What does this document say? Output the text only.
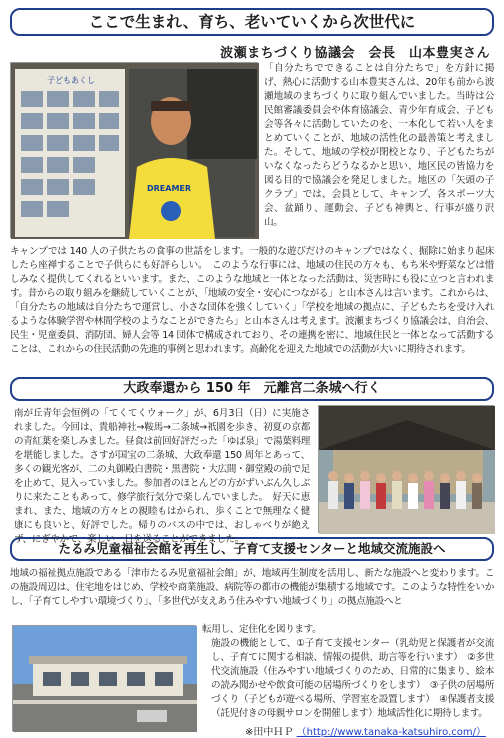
ここで生まれ、育ち、老いていくから次世代に
波瀬まちづくり協議会　会長　山本豊実さん
子どもあくし
DREAMER
「自分たちでできることは自分たちで」を方針に掲げ、熱心に活動する山本豊実さんは、20年も前から波瀬地域のまちづくりに取り組んでいました。当時は公民館審議委員会や体育協議会、青少年育成会、子ども会等各々に活動していたのを、一本化して若い人をまとめていくことが、地域の活性化の最善策と考えました。そして、地域の学校が閉校となり、子どもたちがいなくなったらどうなるかと思い、地区民の皆協力を図る目的で協議会を発足しました。地区の「矢頭の子クラブ」では、会員として、キャンプ、各スポーツ大会、盆踊り、運動会、子ども神輿と、行事が盛り沢山。
キャンプでは 140 人の子供たちの食事の世話をします。一般的な遊びだけのキャンプではなく、掘除に始まり起床したら座禅することで子供らにも好評らしい。　このような行事には、地域の住民の方々も、もち米や野菜などは惜しみなく提供してくれるといいます。また、このような地域と一体となった活動は、災害時にも役に立つと言われます。昔からの取り組みを継続していくことが、「地域の安全・安心につながる」と山本さんは言います。これからは、「自分たちの地域は自分たちで運営し、小さな団体を強くしていく」「学校を地域の拠点に、子どもたちを受け入れるような体験学習や林間学校のようなことができたら」と山本さんは考えます。波瀬まちづくり協議会は、自治会、民生・児童委員、消防団、婦人会等 14 団体で構成されており、その連携を密に、地域住民と一体となって活動することは、これからの住民活動の先進的事例と思われます。高齢化を迎えた地域での活動が大いに期待されます。
大政奉還から 150 年　元離宮二条城へ行く
南が丘青年会恒例の「てくてくウォーク」が、6月3日（日）に実施されました。今回は、貴船神社→鞍馬→二条城→祇園を歩き、初夏の京都の青紅葉を楽しみました。昼食は前回好評だった「ゆば泉」で湯葉料理を堪能しました。さすが国宝の二条城、大政奉還 150 周年とあって、多くの観光客が、二の丸御殿白書院・黒書院・大広間・御堂殿の前で足を止めて、見入っていました。参加者のほとんどの方がずいぶん久しぶりに来たこともあって、修学旅行気分で楽しんでいました。　好天に恵まれ、また、地域の方々との親睦もはかられ、歩くことで無理なく健康にも良いと、好評でした。帰りのバスの中では、おしゃべりが絶えず、にぎやかで、楽しい一日を送ることができました。
たるみ児童福祉会館を再生し、子育て支援センターと地域交流施設へ
地域の福祉拠点施設である「津市たるみ児童福祉会館」が、地域再生制度を活用し、新たな施設へと変わります。この施設周辺は、住宅地をはじめ、学校や商業施設、病院等の都市の機能が集積する地域です。このような特性をいかし、「子育てしやすい環境づくり」、「多世代が支えあう住みやすい地域づくり」の拠点施設へと
転用し、定住化を図ります。
施設の機能として、①子育て支援センター（乳幼児と保護者が交流し、子育てに関する相談、情報の提供、助言等を行います）　②多世代交流施設（住みやすい地域づくりのため、日常的に集まり、絵本の読み聞かせや飲食可能の居場所づくりをします）　③子供の居場所づくり（子どもが遊べる場所、学習室を設置します）　④保護者支援（託児付きの母親サロンを開催します）地域活性化に期待します。
※田中ＨＰ （http://www.tanaka-katsuhiro.com/）
